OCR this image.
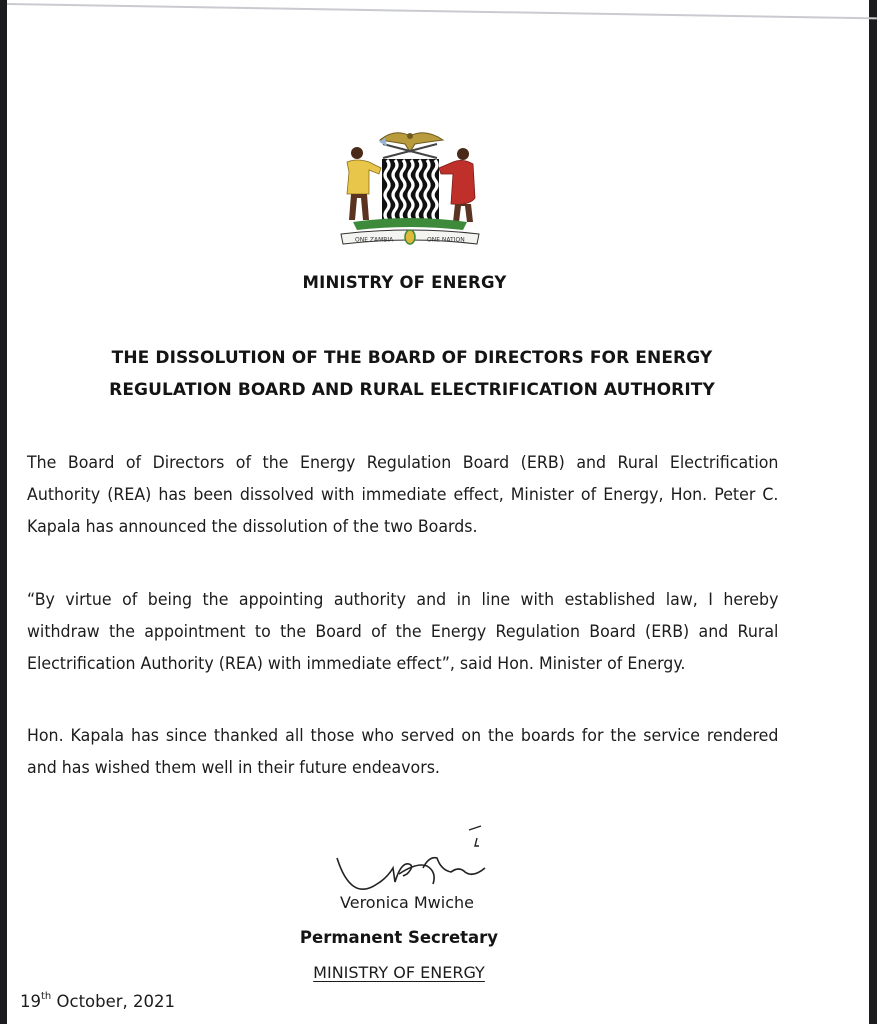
ONE ZAMBIA	ONE NATION
MINISTRY OF ENERGY
THE DISSOLUTION OF THE BOARD OF DIRECTORS FOR ENERGY
REGULATION BOARD AND RURAL ELECTRIFICATION AUTHORITY

The Board of Directors of the Energy Regulation Board (ERB) and Rural Electrification Authority (REA) has been dissolved with immediate effect, Minister of Energy, Hon. Peter C. Kapala has announced the dissolution of the two Boards.

“By virtue of being the appointing authority and in line with established law, I hereby withdraw the appointment to the Board of the Energy Regulation Board (ERB) and Rural Electrification Authority (REA) with immediate effect”, said Hon. Minister of Energy.

Hon. Kapala has since thanked all those who served on the boards for the service rendered and has wished them well in their future endeavors.

Veronica Mwiche
Permanent Secretary
MINISTRY OF ENERGY
19th October, 2021
